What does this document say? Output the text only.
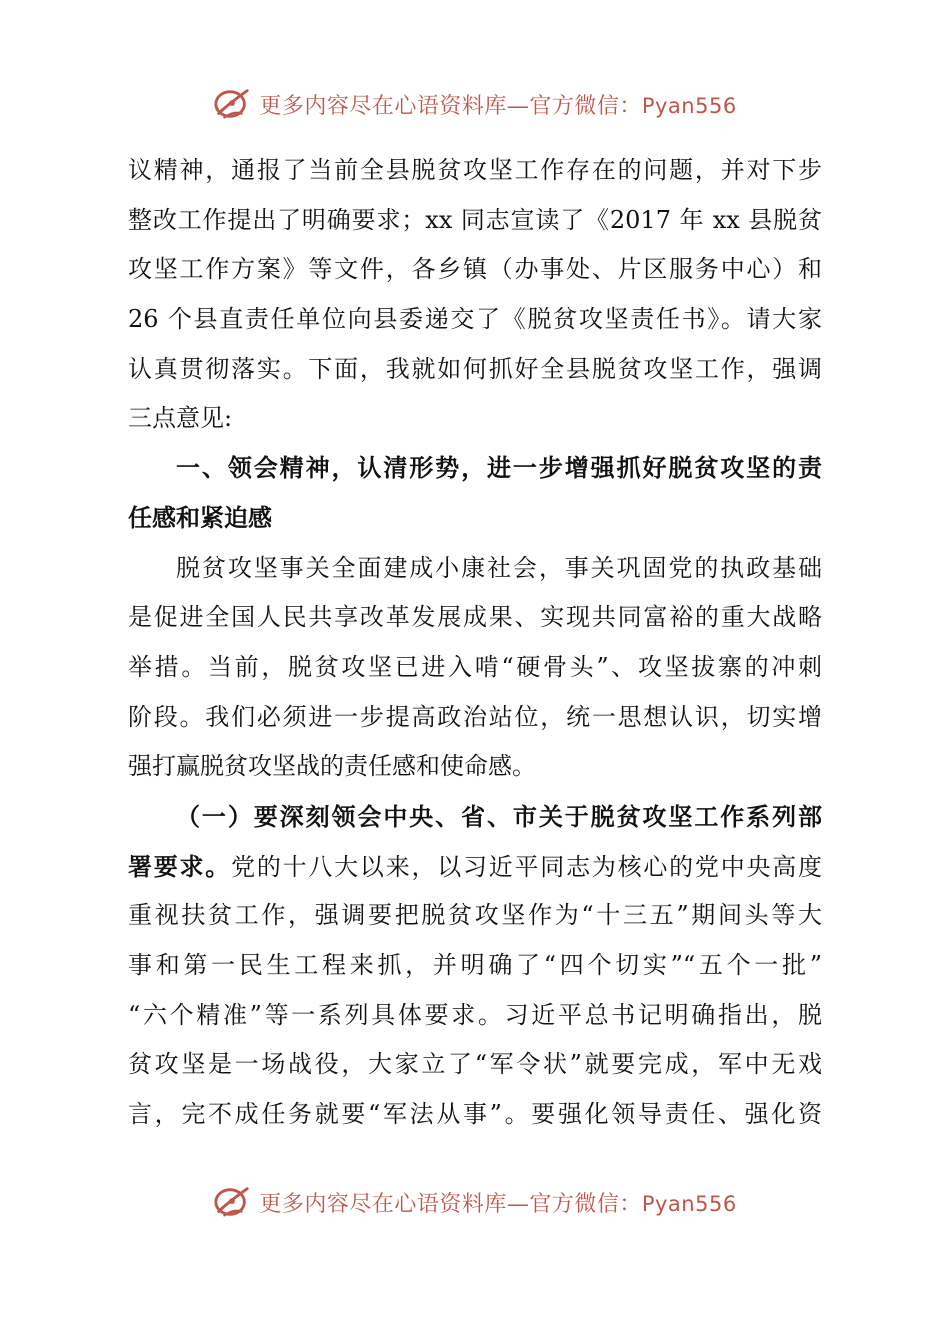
更多内容尽在心语资料库—官方微信：Pyan556
议精神，通报了当前全县脱贫攻坚工作存在的问题，并对下步
整改工作提出了明确要求；xx 同志宣读了《2017 年 xx 县脱贫
攻坚工作方案》等文件，各乡镇（办事处、片区服务中心）和
26 个县直责任单位向县委递交了《脱贫攻坚责任书》。请大家
认真贯彻落实。下面，我就如何抓好全县脱贫攻坚工作，强调
三点意见:
一、领会精神，认清形势，进一步增强抓好脱贫攻坚的责
任感和紧迫感
脱贫攻坚事关全面建成小康社会，事关巩固党的执政基础
是促进全国人民共享改革发展成果、实现共同富裕的重大战略
举措。当前，脱贫攻坚已进入啃“硬骨头”、攻坚拔寨的冲刺
阶段。我们必须进一步提高政治站位，统一思想认识，切实增
强打赢脱贫攻坚战的责任感和使命感。
（一）要深刻领会中央、省、市关于脱贫攻坚工作系列部
署要求。党的十八大以来，以习近平同志为核心的党中央高度
重视扶贫工作，强调要把脱贫攻坚作为“十三五”期间头等大
事和第一民生工程来抓，并明确了“四个切实”“五个一批”
“六个精准”等一系列具体要求。习近平总书记明确指出，脱
贫攻坚是一场战役，大家立了“军令状”就要完成，军中无戏
言，完不成任务就要“军法从事”。要强化领导责任、强化资
更多内容尽在心语资料库—官方微信：Pyan556
